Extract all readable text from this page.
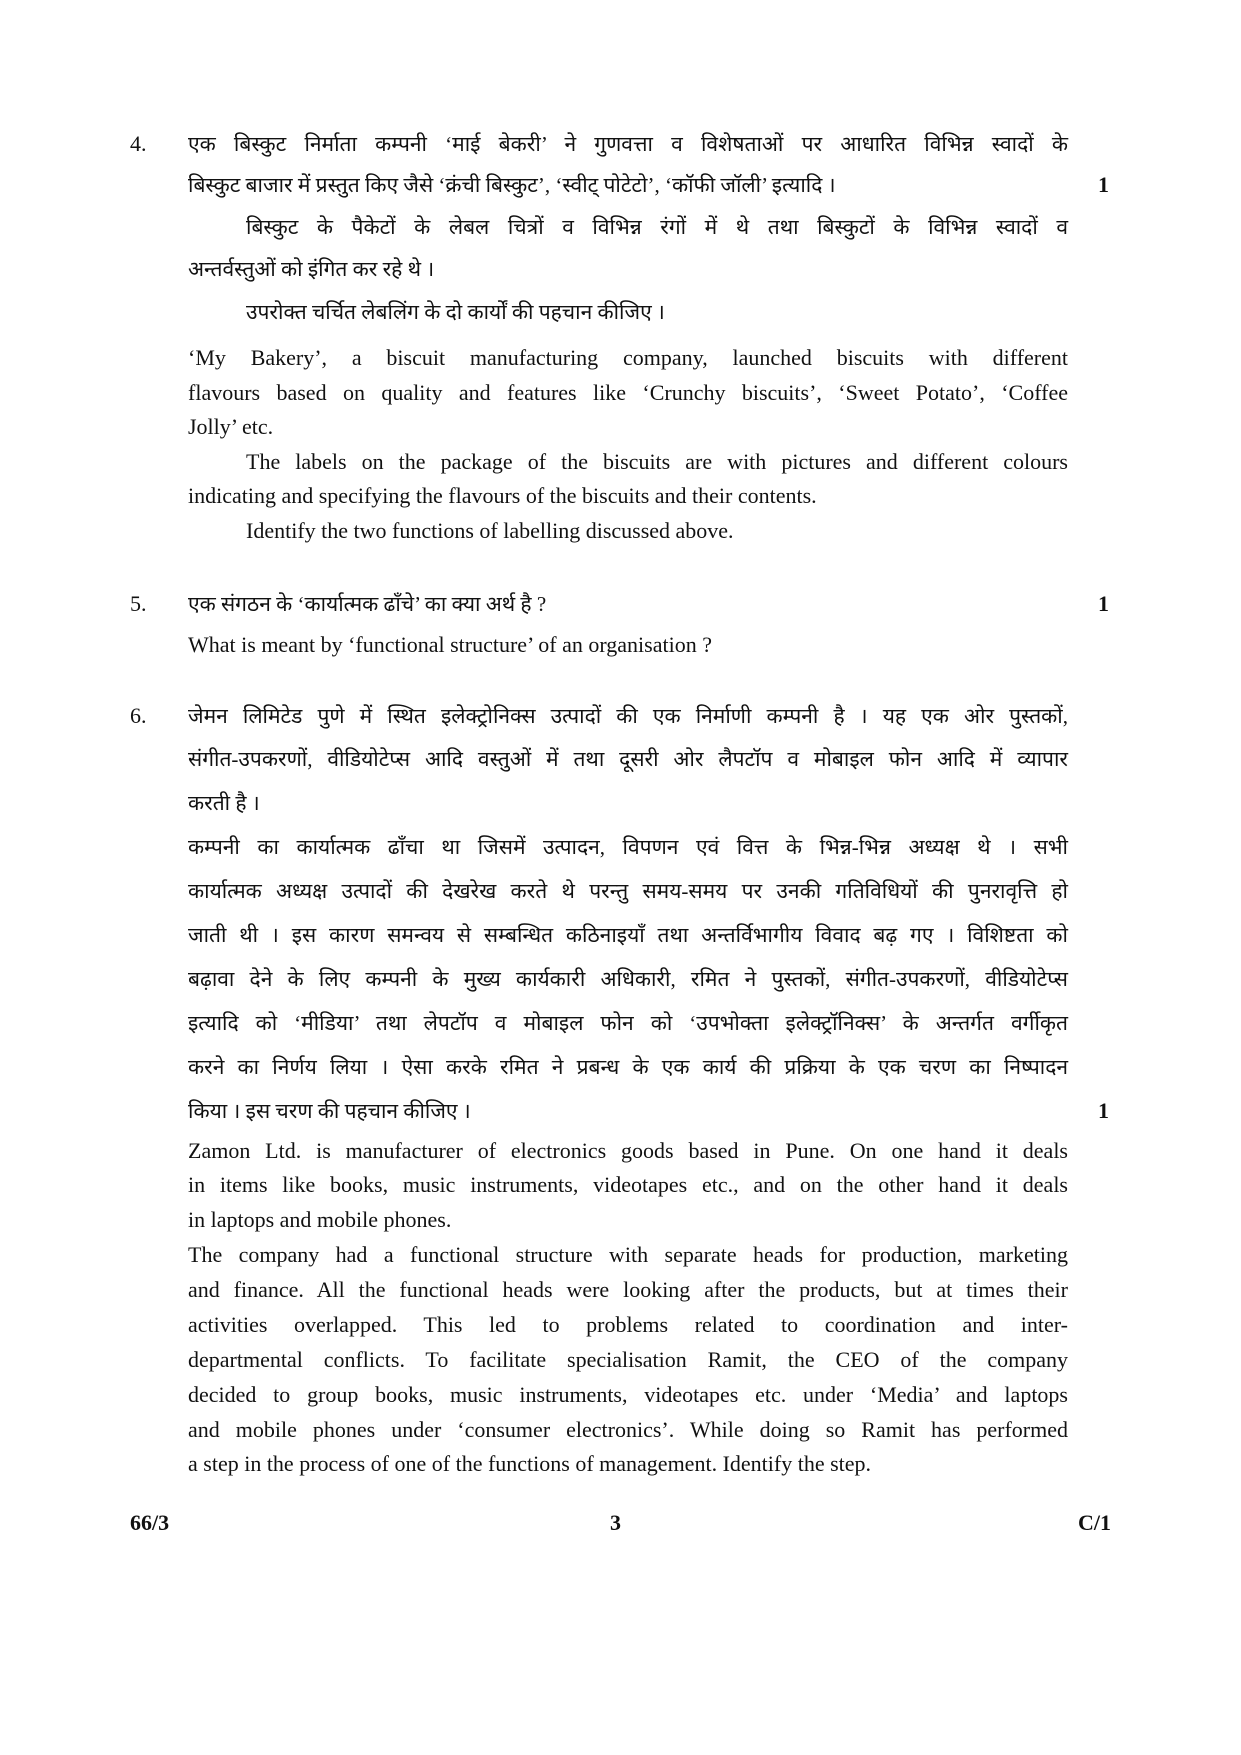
4. एक बिस्कुट निर्माता कम्पनी ‘माई बेकरी’ ने गुणवत्ता व विशेषताओं पर आधारित विभिन्न स्वादों के
बिस्कुट बाजार में प्रस्तुत किए जैसे ‘क्रंची बिस्कुट’, ‘स्वीट् पोटेटो’, ‘कॉफी जॉली’ इत्यादि ।	1
बिस्कुट के पैकेटों के लेबल चित्रों व विभिन्न रंगों में थे तथा बिस्कुटों के विभिन्न स्वादों व
अन्तर्वस्तुओं को इंगित कर रहे थे ।
उपरोक्त चर्चित लेबलिंग के दो कार्यों की पहचान कीजिए ।
‘My Bakery’, a biscuit manufacturing company, launched biscuits with different
flavours based on quality and features like ‘Crunchy biscuits’, ‘Sweet Potato’, ‘Coffee
Jolly’ etc.
The labels on the package of the biscuits are with pictures and different colours
indicating and specifying the flavours of the biscuits and their contents.
Identify the two functions of labelling discussed above.
5. एक संगठन के ‘कार्यात्मक ढाँचे’ का क्या अर्थ है ?	1
What is meant by ‘functional structure’ of an organisation ?
6. जेमन लिमिटेड पुणे में स्थित इलेक्ट्रोनिक्स उत्पादों की एक निर्माणी कम्पनी है । यह एक ओर पुस्तकों,
संगीत-उपकरणों, वीडियोटेप्स आदि वस्तुओं में तथा दूसरी ओर लैपटॉप व मोबाइल फोन आदि में व्यापार
करती है ।
कम्पनी का कार्यात्मक ढाँचा था जिसमें उत्पादन, विपणन एवं वित्त के भिन्न-भिन्न अध्यक्ष थे । सभी
कार्यात्मक अध्यक्ष उत्पादों की देखरेख करते थे परन्तु समय-समय पर उनकी गतिविधियों की पुनरावृत्ति हो
जाती थी । इस कारण समन्वय से सम्बन्धित कठिनाइयाँ तथा अन्तर्विभागीय विवाद बढ़ गए । विशिष्टता को
बढ़ावा देने के लिए कम्पनी के मुख्य कार्यकारी अधिकारी, रमित ने पुस्तकों, संगीत-उपकरणों, वीडियोटेप्स
इत्यादि को ‘मीडिया’ तथा लेपटॉप व मोबाइल फोन को ‘उपभोक्ता इलेक्ट्रॉनिक्स’ के अन्तर्गत वर्गीकृत
करने का निर्णय लिया । ऐसा करके रमित ने प्रबन्ध के एक कार्य की प्रक्रिया के एक चरण का निष्पादन
किया । इस चरण की पहचान कीजिए ।	1
Zamon Ltd. is manufacturer of electronics goods based in Pune. On one hand it deals
in items like books, music instruments, videotapes etc., and on the other hand it deals
in laptops and mobile phones.
The company had a functional structure with separate heads for production, marketing
and finance. All the functional heads were looking after the products, but at times their
activities overlapped. This led to problems related to coordination and inter-
departmental conflicts. To facilitate specialisation Ramit, the CEO of the company
decided to group books, music instruments, videotapes etc. under ‘Media’ and laptops
and mobile phones under ‘consumer electronics’. While doing so Ramit has performed
a step in the process of one of the functions of management. Identify the step.
66/3	3	C/1
